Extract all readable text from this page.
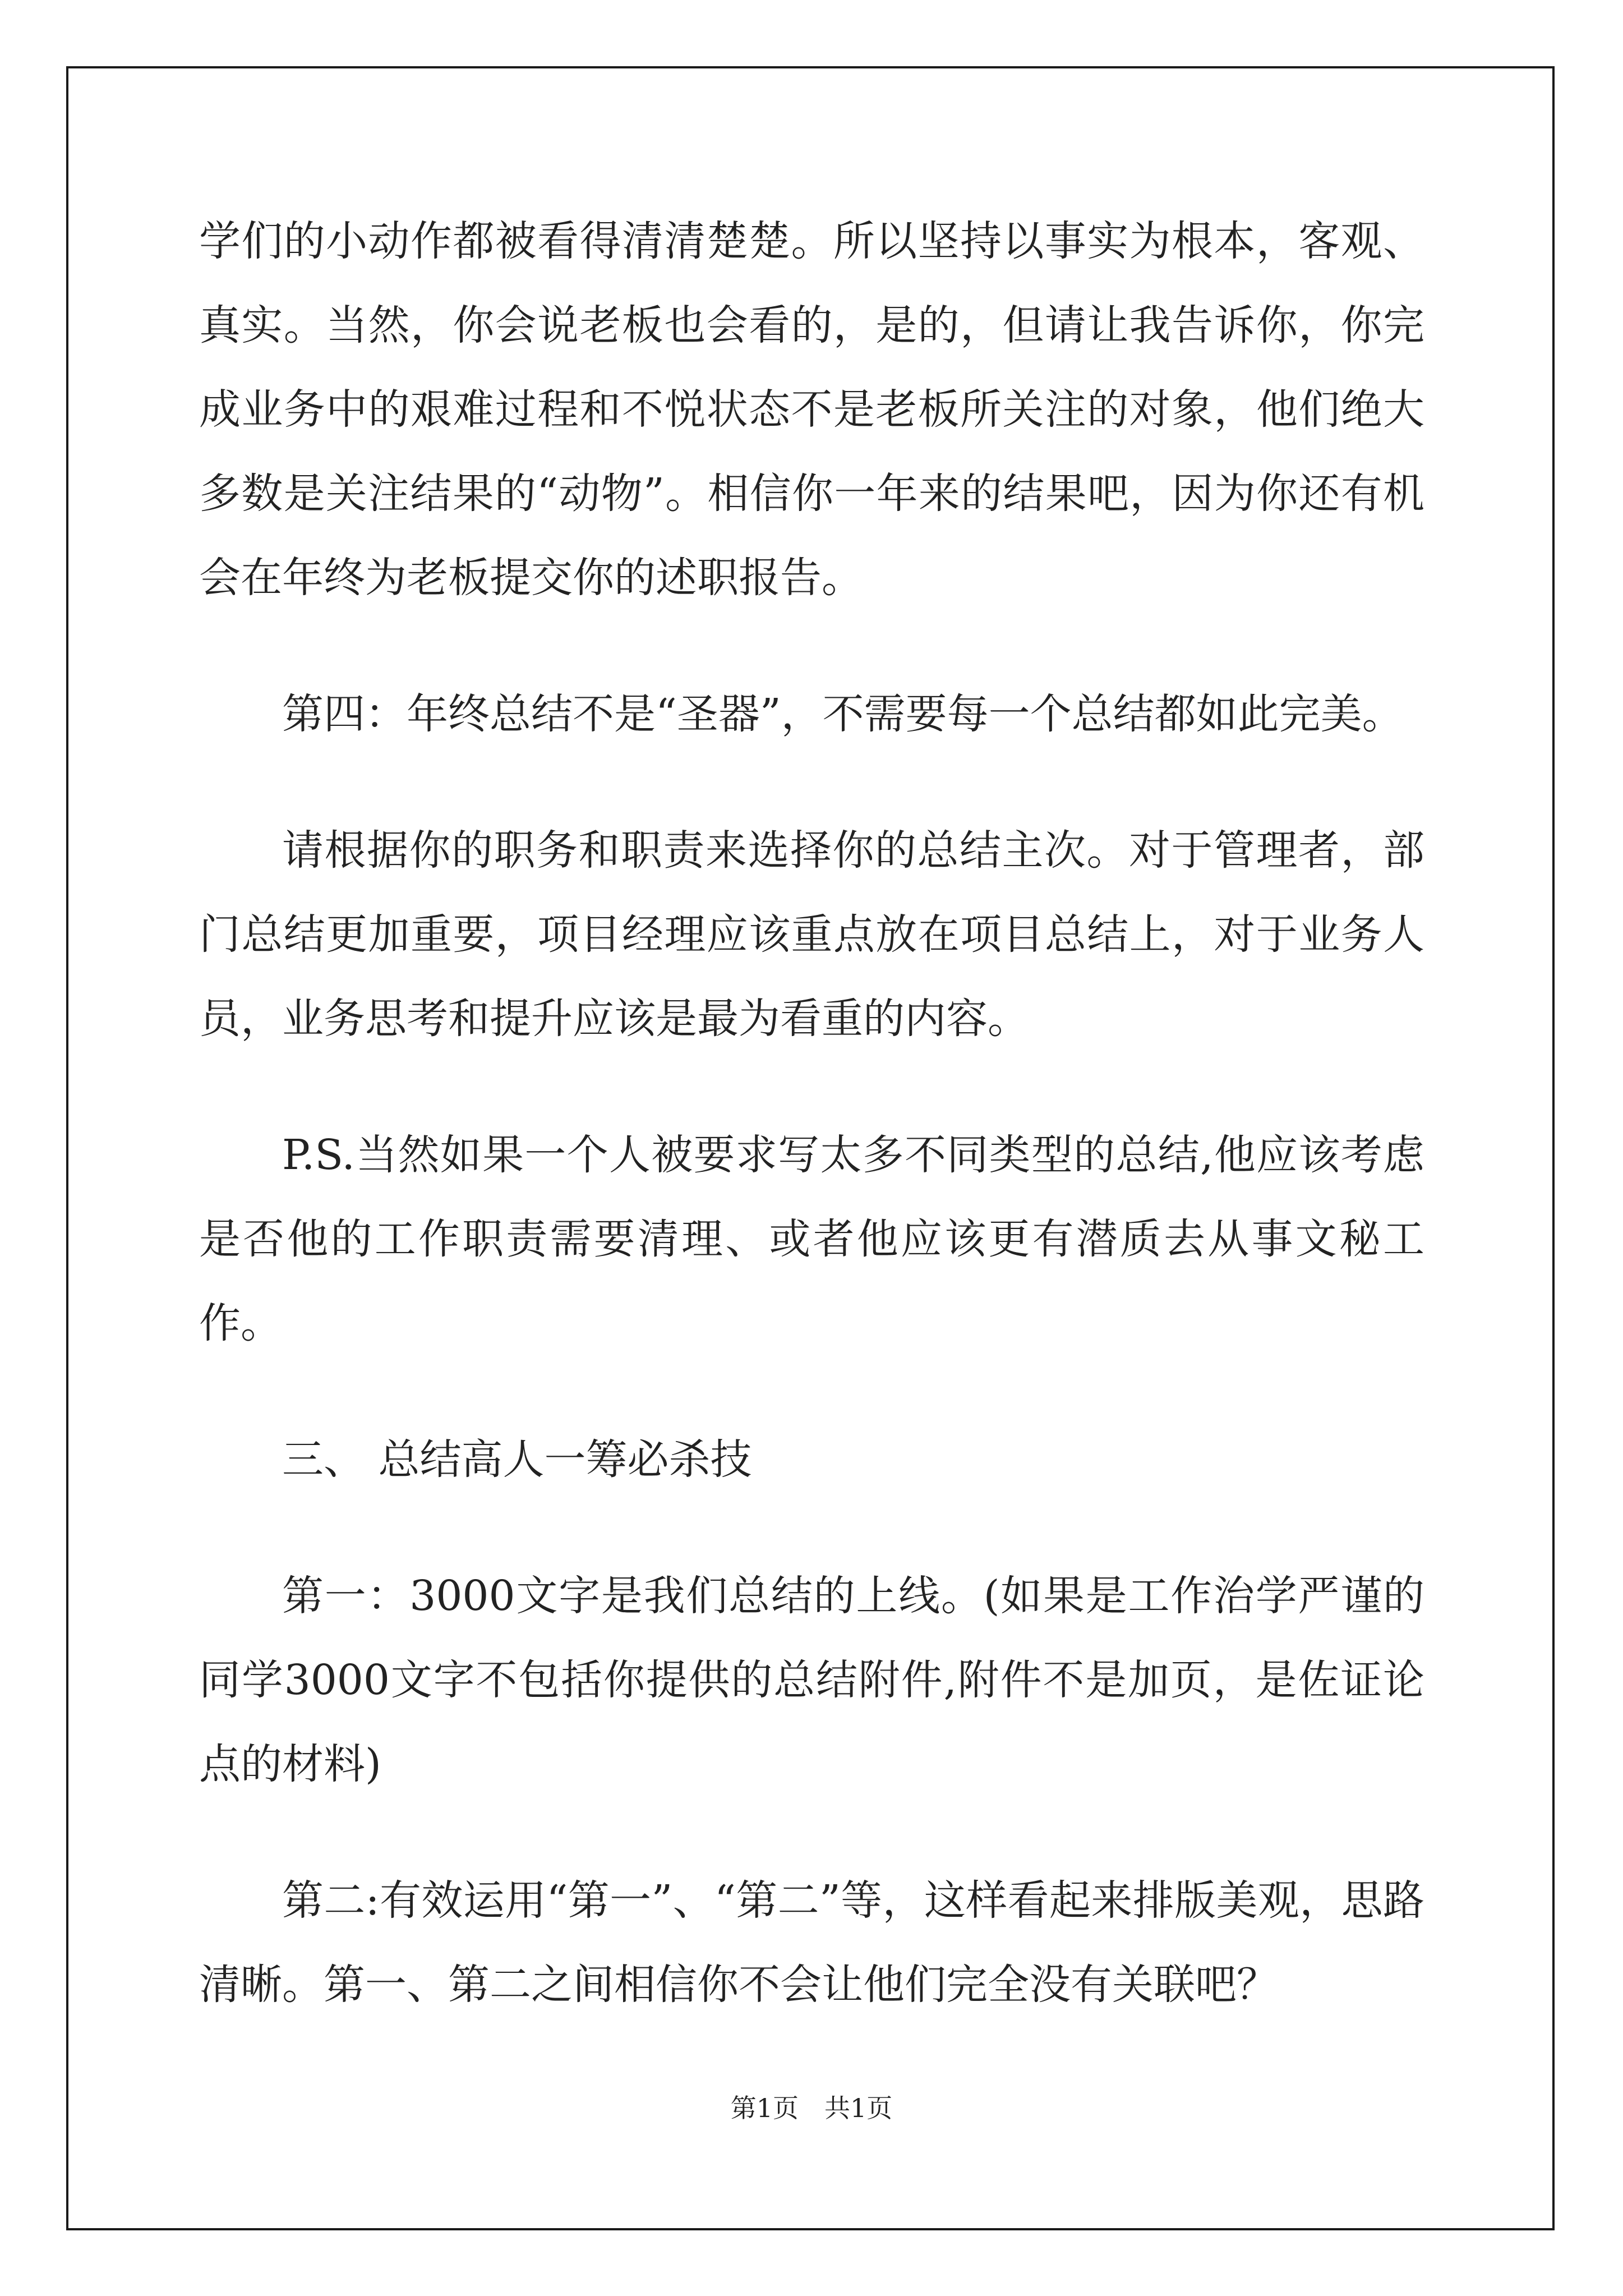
学们的小动作都被看得清清楚楚。所以坚持以事实为根本，客观、真实。当然，你会说老板也会看的，是的，但请让我告诉你，你完成业务中的艰难过程和不悦状态不是老板所关注的对象，他们绝大多数是关注结果的“动物”。相信你一年来的结果吧，因为你还有机会在年终为老板提交你的述职报告。

第四：年终总结不是“圣器”，不需要每一个总结都如此完美。

请根据你的职务和职责来选择你的总结主次。对于管理者，部门总结更加重要，项目经理应该重点放在项目总结上，对于业务人员，业务思考和提升应该是最为看重的内容。

P.S.当然如果一个人被要求写太多不同类型的总结,他应该考虑是否他的工作职责需要清理、或者他应该更有潜质去从事文秘工作。

三、 总结高人一筹必杀技

第一：3000文字是我们总结的上线。(如果是工作治学严谨的同学3000文字不包括你提供的总结附件,附件不是加页，是佐证论点的材料)

第二:有效运用“第一”、“第二”等，这样看起来排版美观，思路清晰。第一、第二之间相信你不会让他们完全没有关联吧？

第1页　共1页
